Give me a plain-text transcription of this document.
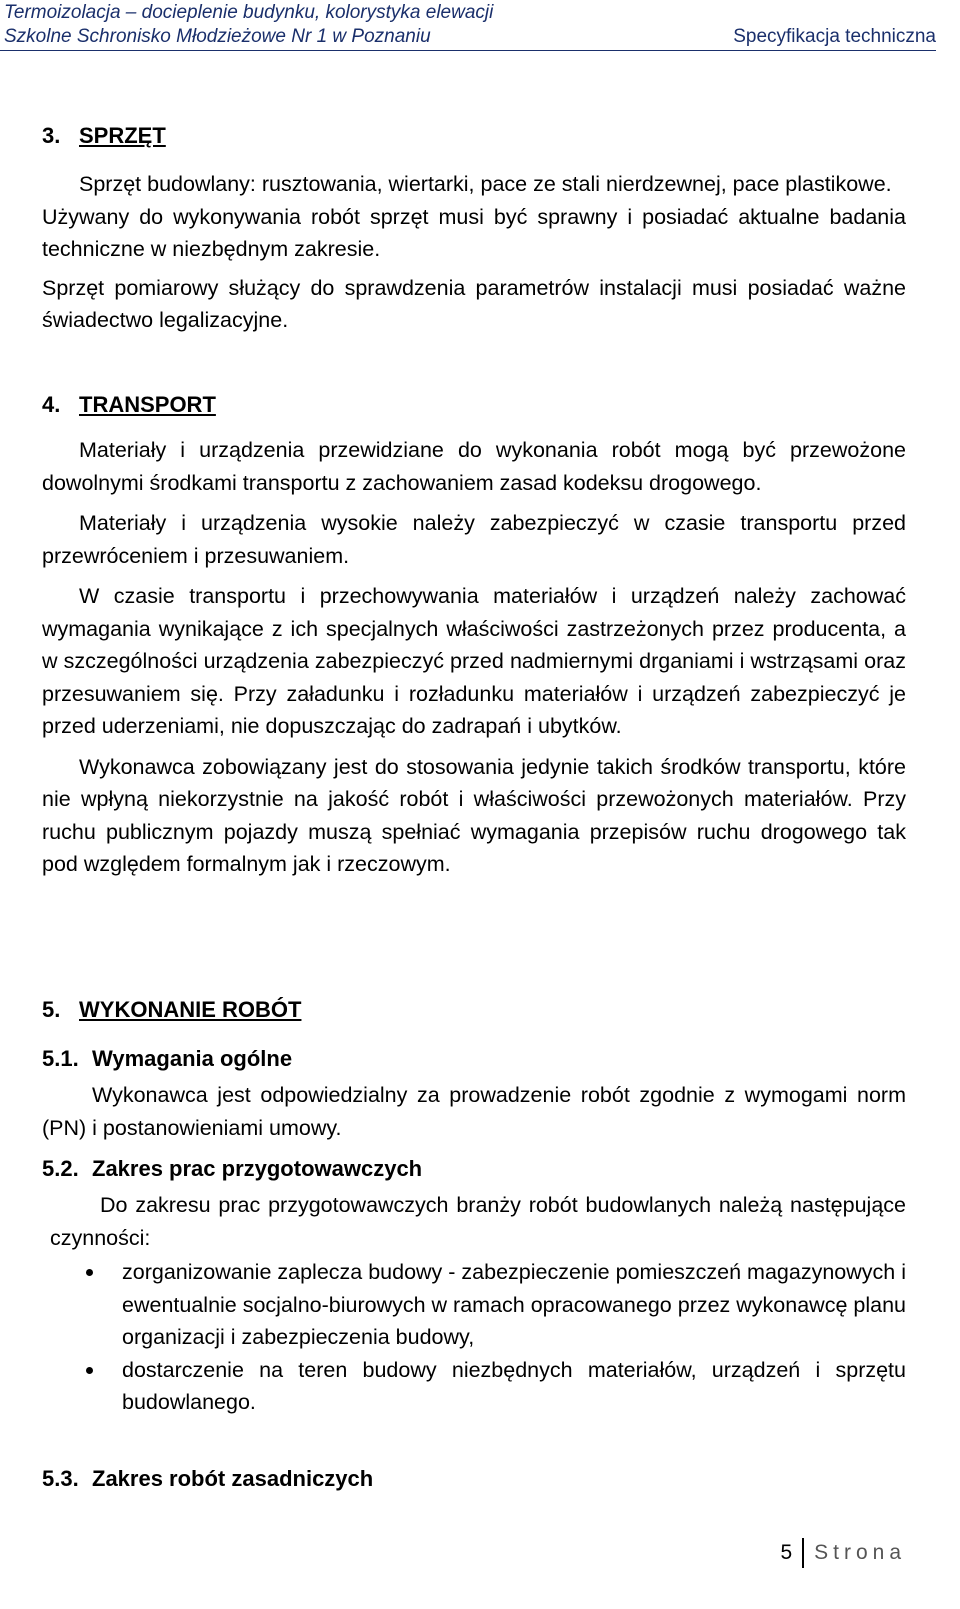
Termoizolacja – docieplenie budynku, kolorystyka elewacji
Szkolne Schronisko Młodzieżowe Nr 1 w Poznaniu	Specyfikacja techniczna
3. SPRZĘT

Sprzęt budowlany: rusztowania, wiertarki, pace ze stali nierdzewnej, pace plastikowe.

Używany do wykonywania robót sprzęt musi być sprawny i posiadać aktualne badania techniczne w niezbędnym zakresie.

Sprzęt pomiarowy służący do sprawdzenia parametrów instalacji musi posiadać ważne świadectwo legalizacyjne.

4. TRANSPORT

Materiały i urządzenia przewidziane do wykonania robót mogą być przewożone dowolnymi środkami transportu z zachowaniem zasad kodeksu drogowego.

Materiały i urządzenia wysokie należy zabezpieczyć w czasie transportu przed przewróceniem i przesuwaniem.

W czasie transportu i przechowywania materiałów i urządzeń należy zachować wymagania wynikające z ich specjalnych właściwości zastrzeżonych przez producenta, a w szczególności urządzenia zabezpieczyć przed nadmiernymi drganiami i wstrząsami oraz przesuwaniem się. Przy załadunku i rozładunku materiałów i urządzeń zabezpieczyć je przed uderzeniami, nie dopuszczając do zadrapań i ubytków.

Wykonawca zobowiązany jest do stosowania jedynie takich środków transportu, które nie wpłyną niekorzystnie na jakość robót i właściwości przewożonych materiałów. Przy ruchu publicznym pojazdy muszą spełniać wymagania przepisów ruchu drogowego tak pod względem formalnym jak i rzeczowym.

5. WYKONANIE ROBÓT
5.1. Wymagania ogólne

Wykonawca jest odpowiedzialny za prowadzenie robót zgodnie z wymogami norm (PN) i postanowieniami umowy.

5.2. Zakres prac przygotowawczych

Do zakresu prac przygotowawczych branży robót budowlanych należą następujące czynności:

zorganizowanie zaplecza budowy - zabezpieczenie pomieszczeń magazynowych i ewentualnie socjalno-biurowych w ramach opracowanego przez wykonawcę planu organizacji i zabezpieczenia budowy,
dostarczenie na teren budowy niezbędnych materiałów, urządzeń i sprzętu budowlanego.
5.3. Zakres robót zasadniczych
5 Strona
